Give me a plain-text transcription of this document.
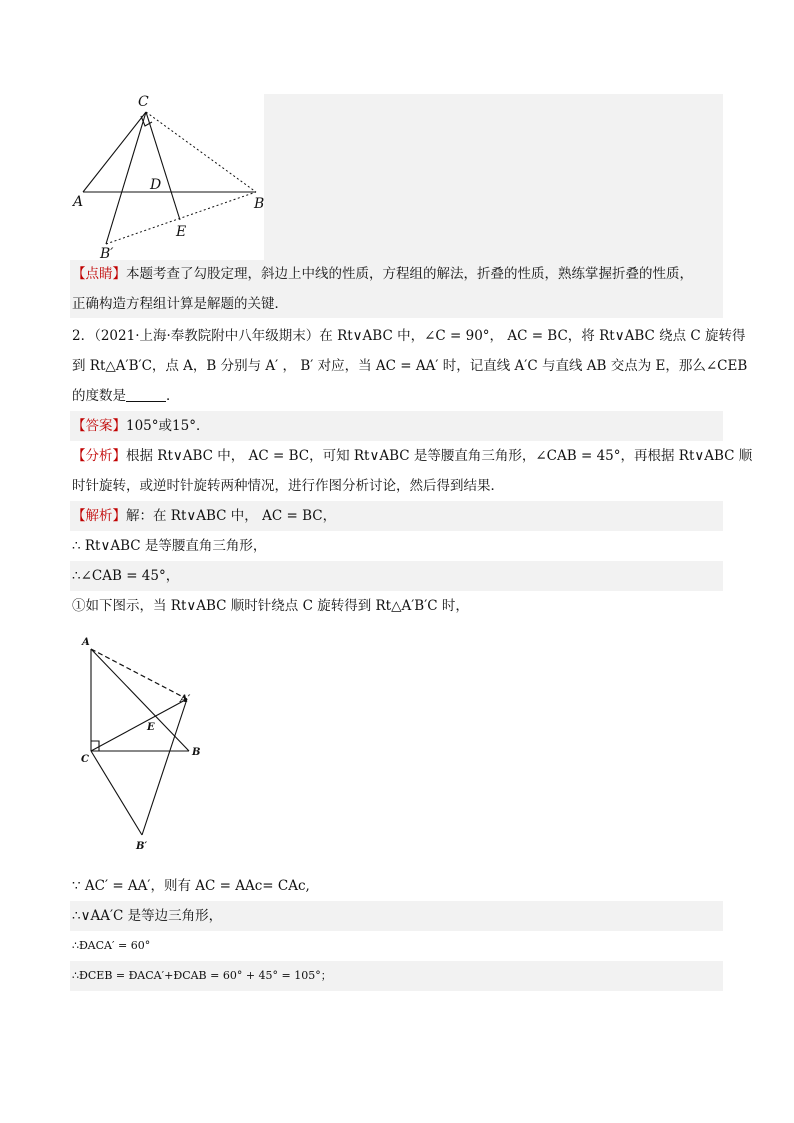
C
D
A	B
E
B′
【点睛】本题考查了勾股定理，斜边上中线的性质，方程组的解法，折叠的性质，熟练掌握折叠的性质，
正确构造方程组计算是解题的关键．
2．（2021·上海·奉教院附中八年级期末）在 Rt∨ABC 中，∠C = 90°， AC = BC，将 Rt∨ABC 绕点 C 旋转得
到 Rt△A′B′C，点 A，B 分别与 A′ ， B′ 对应，当 AC = AA′ 时，记直线 A′C 与直线 AB 交点为 E，那么∠CEB
的度数是	．
【答案】105°或15°．
【分析】根据 Rt∨ABC 中， AC = BC，可知 Rt∨ABC 是等腰直角三角形，∠CAB = 45°，再根据 Rt∨ABC 顺
时针旋转，或逆时针旋转两种情况，进行作图分析讨论，然后得到结果．
【解析】解：在 Rt∨ABC 中， AC = BC，
∴ Rt∨ABC 是等腰直角三角形，
∴∠CAB = 45°，
①如下图示，当 Rt∨ABC 顺时针绕点 C 旋转得到 Rt△A′B′C 时，
A
A′
E
C
B
B′
∵ AC′ = AA′，则有 AC = AAc= CAc,
∴∨AA′C 是等边三角形，
∴ÐACA′ = 60°
∴ÐCEB = ÐACA′+ÐCAB = 60° + 45° = 105°；
